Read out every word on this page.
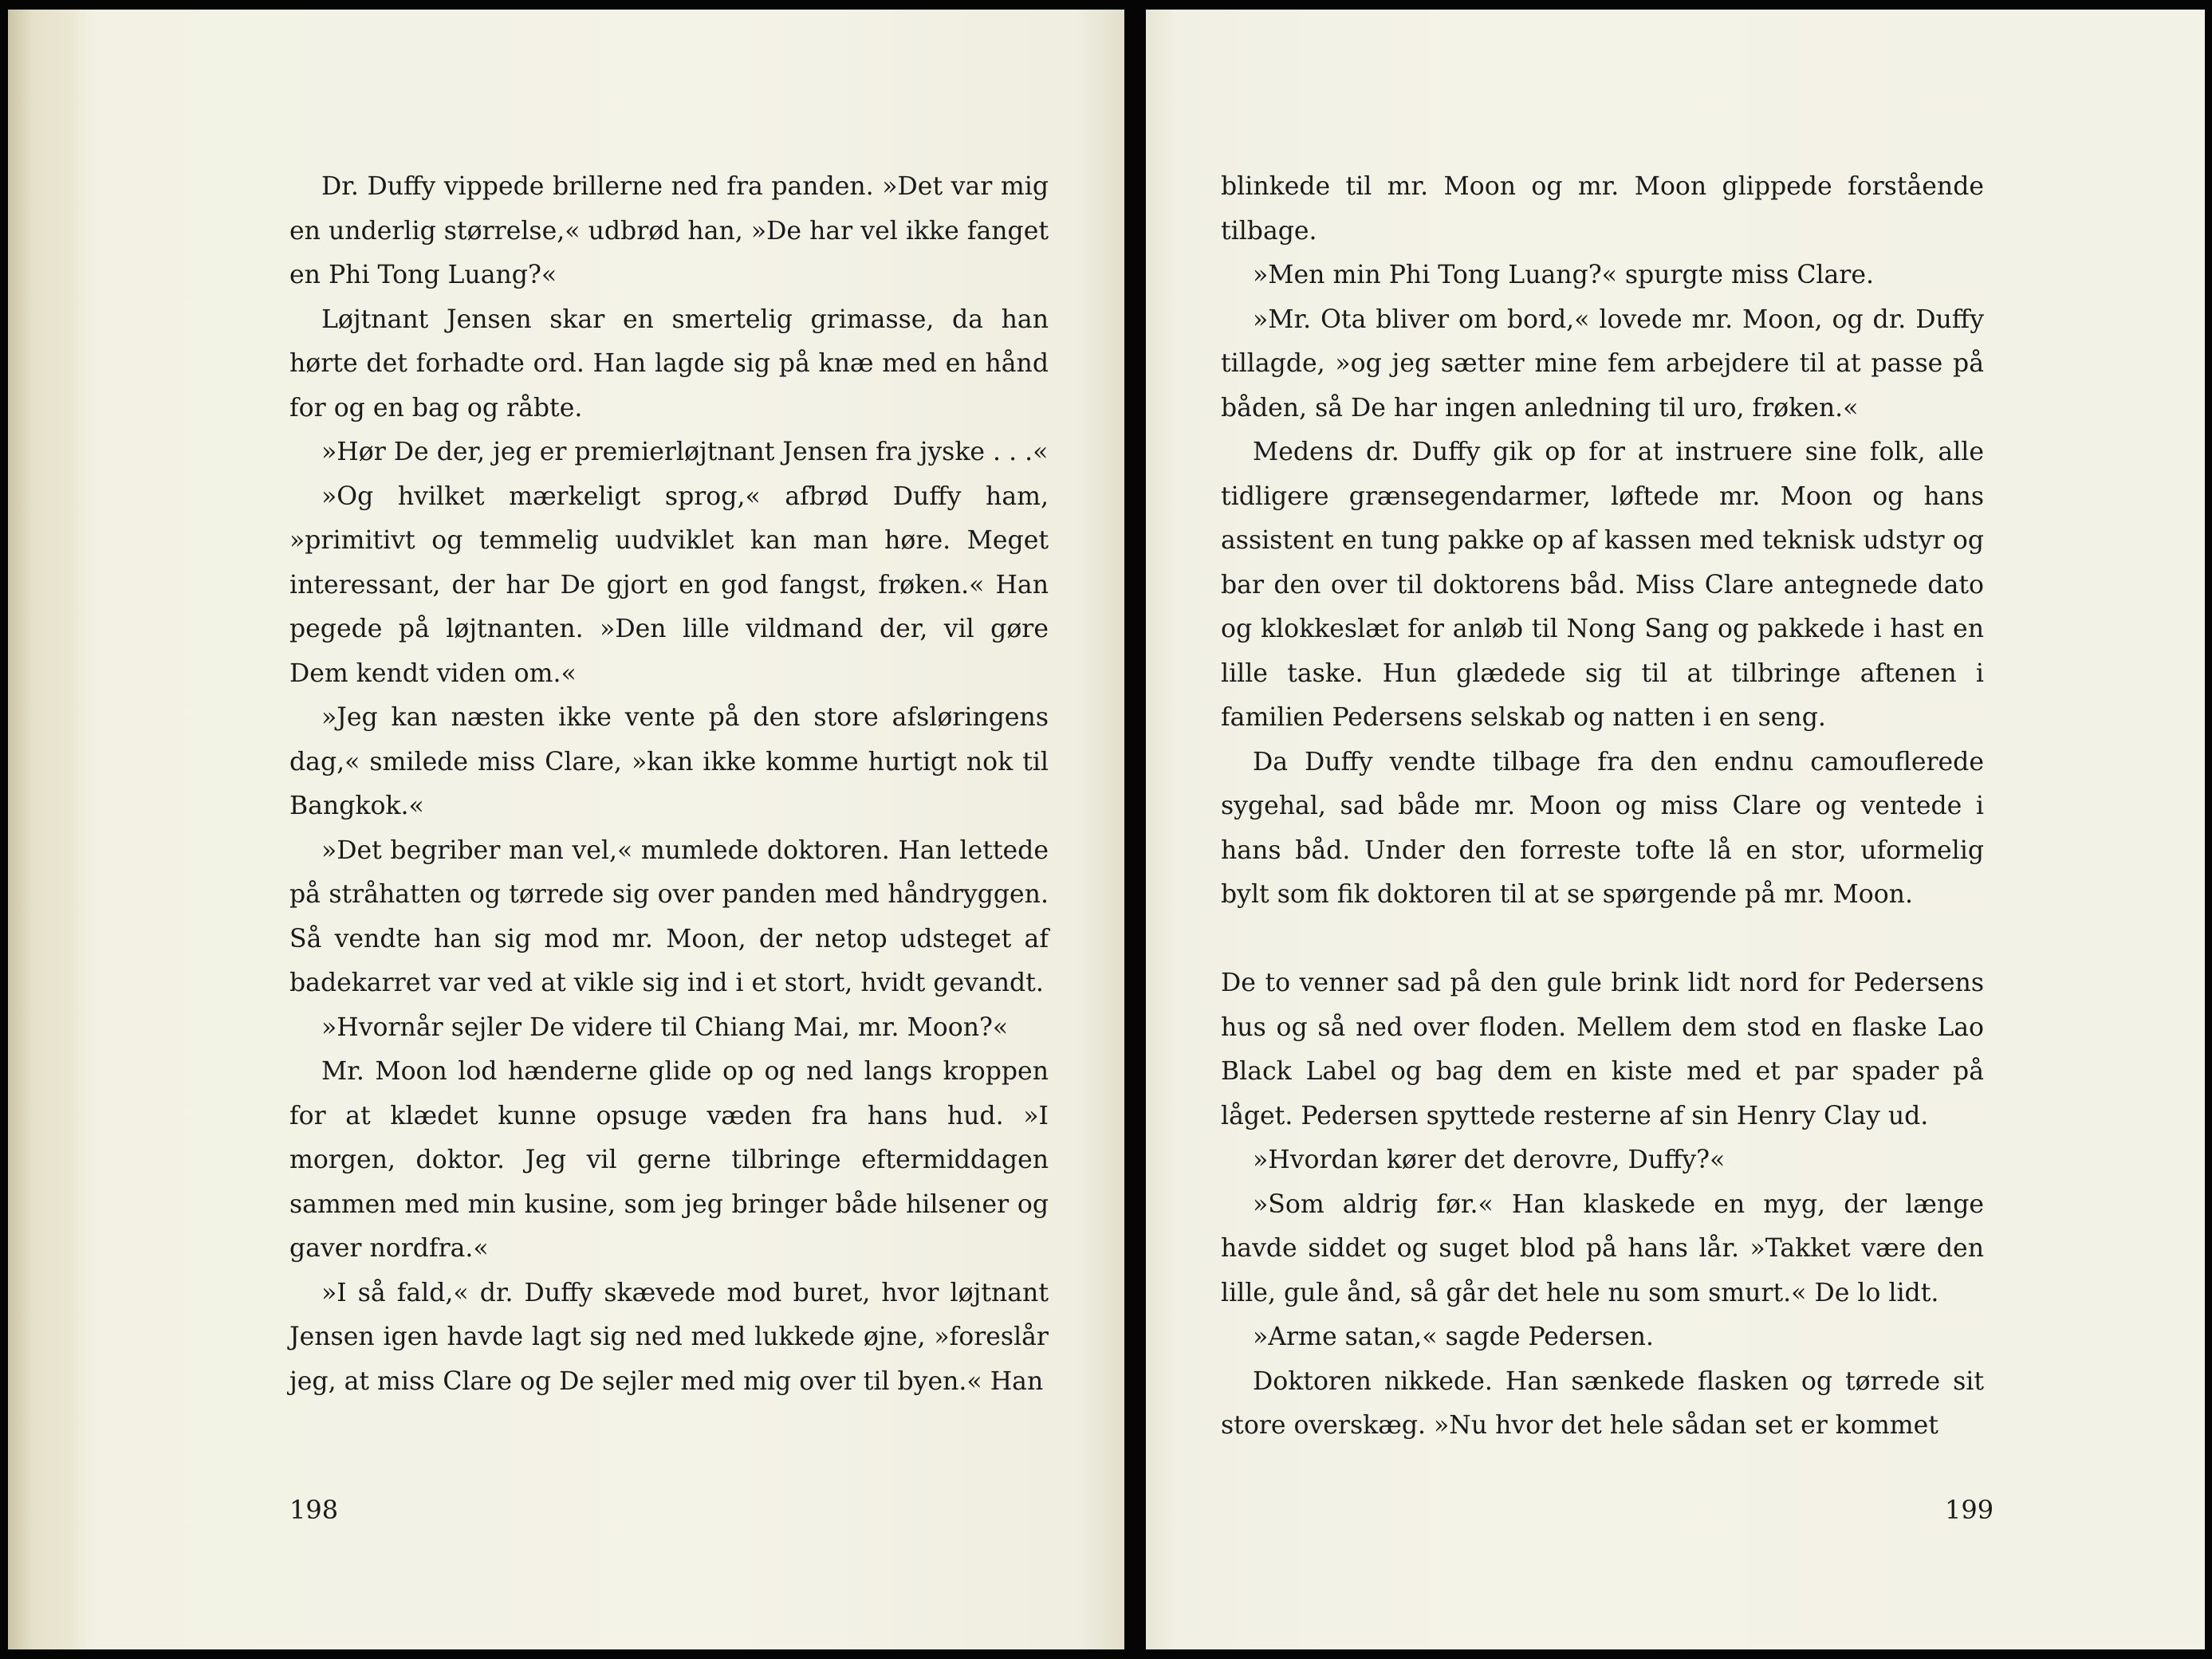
Dr. Duffy vippede brillerne ned fra panden. »Det var mig en underlig størrelse,« udbrød han, »De har vel ikke fanget en Phi Tong Luang?«

Løjtnant Jensen skar en smertelig grimasse, da han hørte det forhadte ord. Han lagde sig på knæ med en hånd for og en bag og råbte.

»Hør De der, jeg er premierløjtnant Jensen fra jyske . . .«

»Og hvilket mærkeligt sprog,« afbrød Duffy ham, »primitivt og temmelig uudviklet kan man høre. Meget interessant, der har De gjort en god fangst, frøken.« Han pegede på løjtnanten. »Den lille vildmand der, vil gøre Dem kendt viden om.«

»Jeg kan næsten ikke vente på den store afsløringens dag,« smilede miss Clare, »kan ikke komme hurtigt nok til Bangkok.«

»Det begriber man vel,« mumlede doktoren. Han lettede på stråhatten og tørrede sig over panden med håndryggen. Så vendte han sig mod mr. Moon, der netop udsteget af badekarret var ved at vikle sig ind i et stort, hvidt gevandt.

»Hvornår sejler De videre til Chiang Mai, mr. Moon?«

Mr. Moon lod hænderne glide op og ned langs kroppen for at klædet kunne opsuge væden fra hans hud. »I morgen, doktor. Jeg vil gerne tilbringe eftermiddagen sammen med min kusine, som jeg bringer både hilsener og gaver nordfra.«

»I så fald,« dr. Duffy skævede mod buret, hvor løjtnant Jensen igen havde lagt sig ned med lukkede øjne, »foreslår jeg, at miss Clare og De sejler med mig over til byen.« Han

198

blinkede til mr. Moon og mr. Moon glippede forstående tilbage.

»Men min Phi Tong Luang?« spurgte miss Clare.

»Mr. Ota bliver om bord,« lovede mr. Moon, og dr. Duffy tillagde, »og jeg sætter mine fem arbejdere til at passe på båden, så De har ingen anledning til uro, frøken.«

Medens dr. Duffy gik op for at instruere sine folk, alle tidligere grænsegendarmer, løftede mr. Moon og hans assistent en tung pakke op af kassen med teknisk udstyr og bar den over til doktorens båd. Miss Clare antegnede dato og klokkeslæt for anløb til Nong Sang og pakkede i hast en lille taske. Hun glædede sig til at tilbringe aftenen i familien Pedersens selskab og natten i en seng.

Da Duffy vendte tilbage fra den endnu camouflerede sygehal, sad både mr. Moon og miss Clare og ventede i hans båd. Under den forreste tofte lå en stor, uformelig bylt som fik doktoren til at se spørgende på mr. Moon.

De to venner sad på den gule brink lidt nord for Pedersens hus og så ned over floden. Mellem dem stod en flaske Lao Black Label og bag dem en kiste med et par spader på låget. Pedersen spyttede resterne af sin Henry Clay ud.

»Hvordan kører det derovre, Duffy?«

»Som aldrig før.« Han klaskede en myg, der længe havde siddet og suget blod på hans lår. »Takket være den lille, gule ånd, så går det hele nu som smurt.« De lo lidt.

»Arme satan,« sagde Pedersen.

Doktoren nikkede. Han sænkede flasken og tørrede sit store overskæg. »Nu hvor det hele sådan set er kommet

199
